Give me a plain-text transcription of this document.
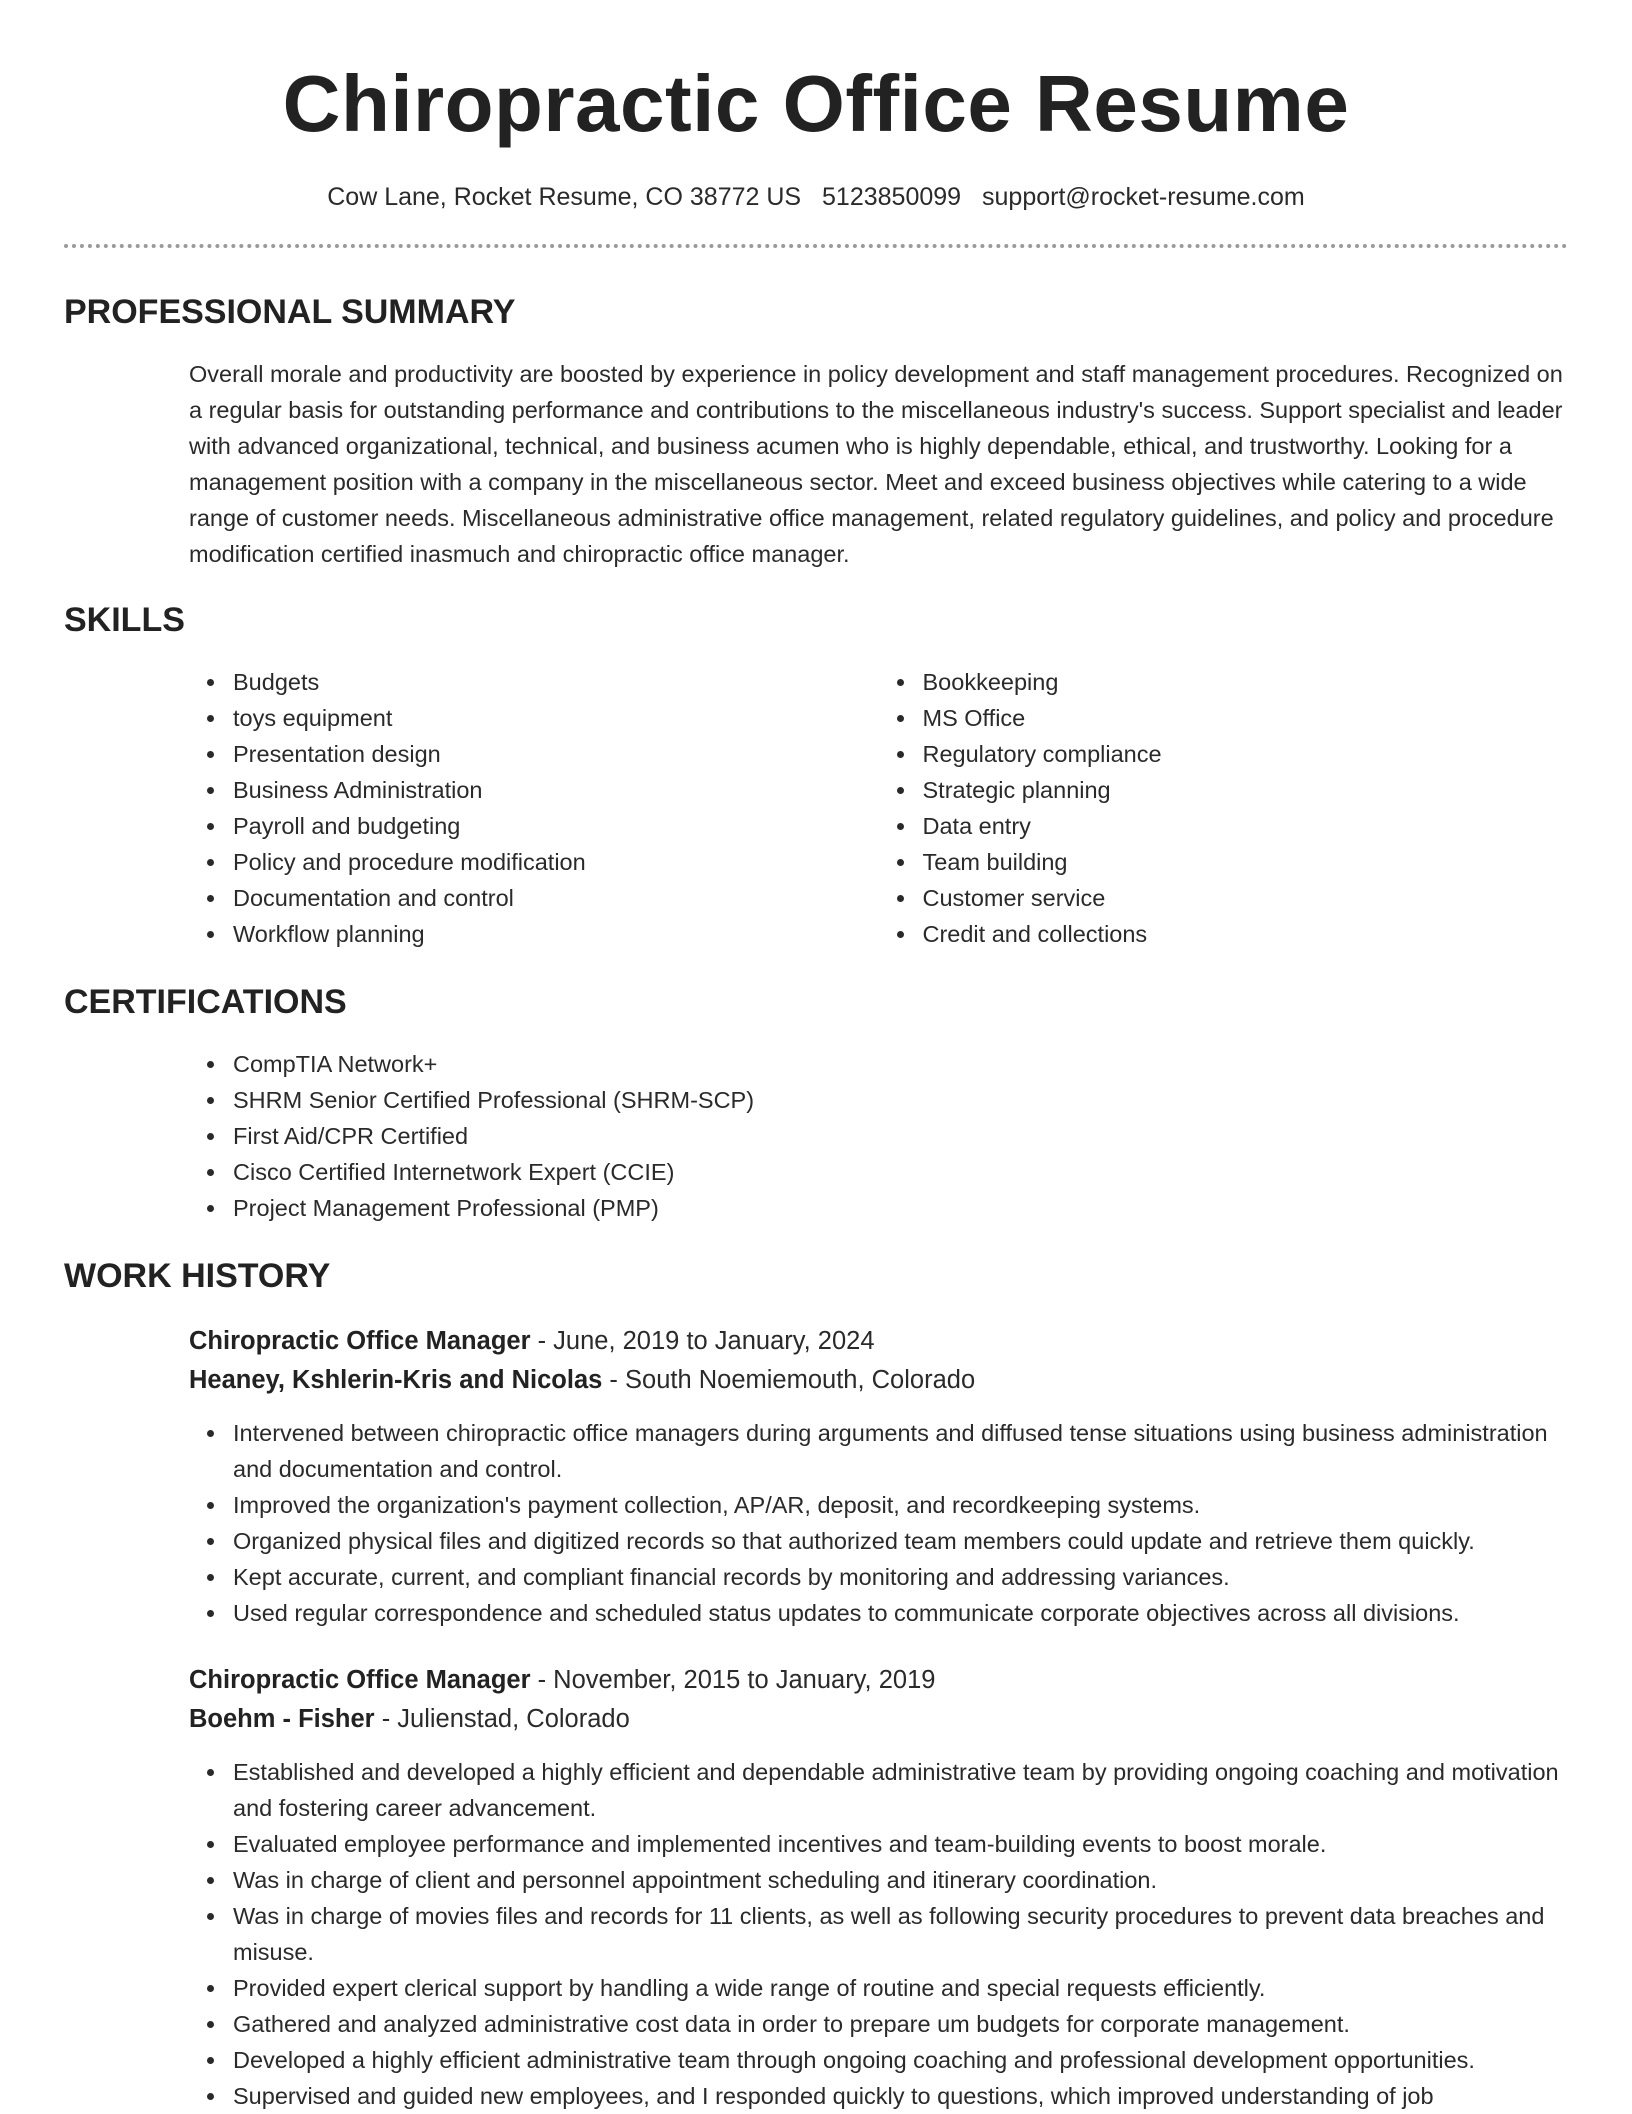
Chiropractic Office Resume
Cow Lane, Rocket Resume, CO 38772 US 5123850099 support@rocket-resume.com
PROFESSIONAL SUMMARY

Overall morale and productivity are boosted by experience in policy development and staff management procedures. Recognized on a regular basis for outstanding performance and contributions to the miscellaneous industry's success. Support specialist and leader with advanced organizational, technical, and business acumen who is highly dependable, ethical, and trustworthy. Looking for a management position with a company in the miscellaneous sector. Meet and exceed business objectives while catering to a wide range of customer needs. Miscellaneous administrative office management, related regulatory guidelines, and policy and procedure modification certified inasmuch and chiropractic office manager.

SKILLS
Budgets
toys equipment
Presentation design
Business Administration
Payroll and budgeting
Policy and procedure modification
Documentation and control
Workflow planning
Bookkeeping
MS Office
Regulatory compliance
Strategic planning
Data entry
Team building
Customer service
Credit and collections
CERTIFICATIONS
CompTIA Network+
SHRM Senior Certified Professional (SHRM-SCP)
First Aid/CPR Certified
Cisco Certified Internetwork Expert (CCIE)
Project Management Professional (PMP)
WORK HISTORY
Chiropractic Office Manager - June, 2019 to January, 2024
Heaney, Kshlerin-Kris and Nicolas - South Noemiemouth, Colorado
Intervened between chiropractic office managers during arguments and diffused tense situations using business administration and documentation and control.
Improved the organization's payment collection, AP/AR, deposit, and recordkeeping systems.
Organized physical files and digitized records so that authorized team members could update and retrieve them quickly.
Kept accurate, current, and compliant financial records by monitoring and addressing variances.
Used regular correspondence and scheduled status updates to communicate corporate objectives across all divisions.
Chiropractic Office Manager - November, 2015 to January, 2019
Boehm - Fisher - Julienstad, Colorado
Established and developed a highly efficient and dependable administrative team by providing ongoing coaching and motivation and fostering career advancement.
Evaluated employee performance and implemented incentives and team-building events to boost morale.
Was in charge of client and personnel appointment scheduling and itinerary coordination.
Was in charge of movies files and records for 11 clients, as well as following security procedures to prevent data breaches and misuse.
Provided expert clerical support by handling a wide range of routine and special requests efficiently.
Gathered and analyzed administrative cost data in order to prepare um budgets for corporate management.
Developed a highly efficient administrative team through ongoing coaching and professional development opportunities.
Supervised and guided new employees, and I responded quickly to questions, which improved understanding of job
